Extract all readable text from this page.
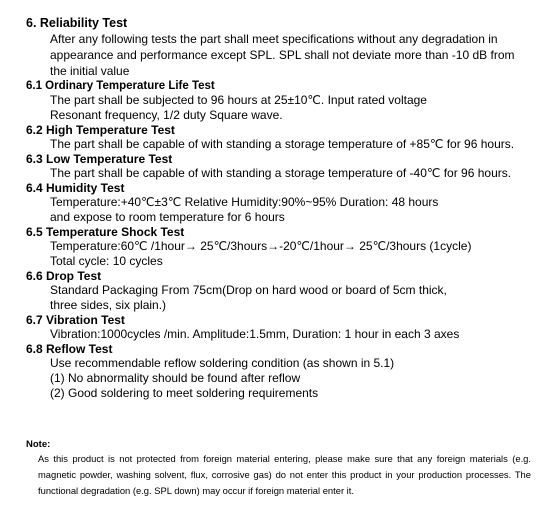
6. Reliability Test
After any following tests the part shall meet specifications without any degradation in appearance and performance except SPL. SPL shall not deviate more than -10 dB from the initial value
6.1 Ordinary Temperature Life Test
The part shall be subjected to 96 hours at 25±10℃. Input rated voltage
Resonant frequency, 1/2 duty Square wave.
6.2 High Temperature Test
The part shall be capable of with standing a storage temperature of +85℃ for 96 hours.
6.3 Low Temperature Test
The part shall be capable of with standing a storage temperature of -40℃ for 96 hours.
6.4 Humidity Test
Temperature:+40℃±3℃ Relative Humidity:90%~95% Duration: 48 hours
and expose to room temperature for 6 hours
6.5 Temperature Shock Test
Temperature:60℃ /1hour→ 25℃/3hours→-20℃/1hour→ 25℃/3hours (1cycle)
Total cycle: 10 cycles
6.6 Drop Test
Standard Packaging From 75cm(Drop on hard wood or board of 5cm thick,
three sides, six plain.)
6.7 Vibration Test
Vibration:1000cycles /min. Amplitude:1.5mm, Duration: 1 hour in each 3 axes
6.8 Reflow Test
Use recommendable reflow soldering condition (as shown in 5.1)
(1) No abnormality should be found after reflow
(2) Good soldering to meet soldering requirements
Note:
As this product is not protected from foreign material entering, please make sure that any foreign materials (e.g. magnetic powder, washing solvent, flux, corrosive gas) do not enter this product in your production processes. The functional degradation (e.g. SPL down) may occur if foreign material enter it.
